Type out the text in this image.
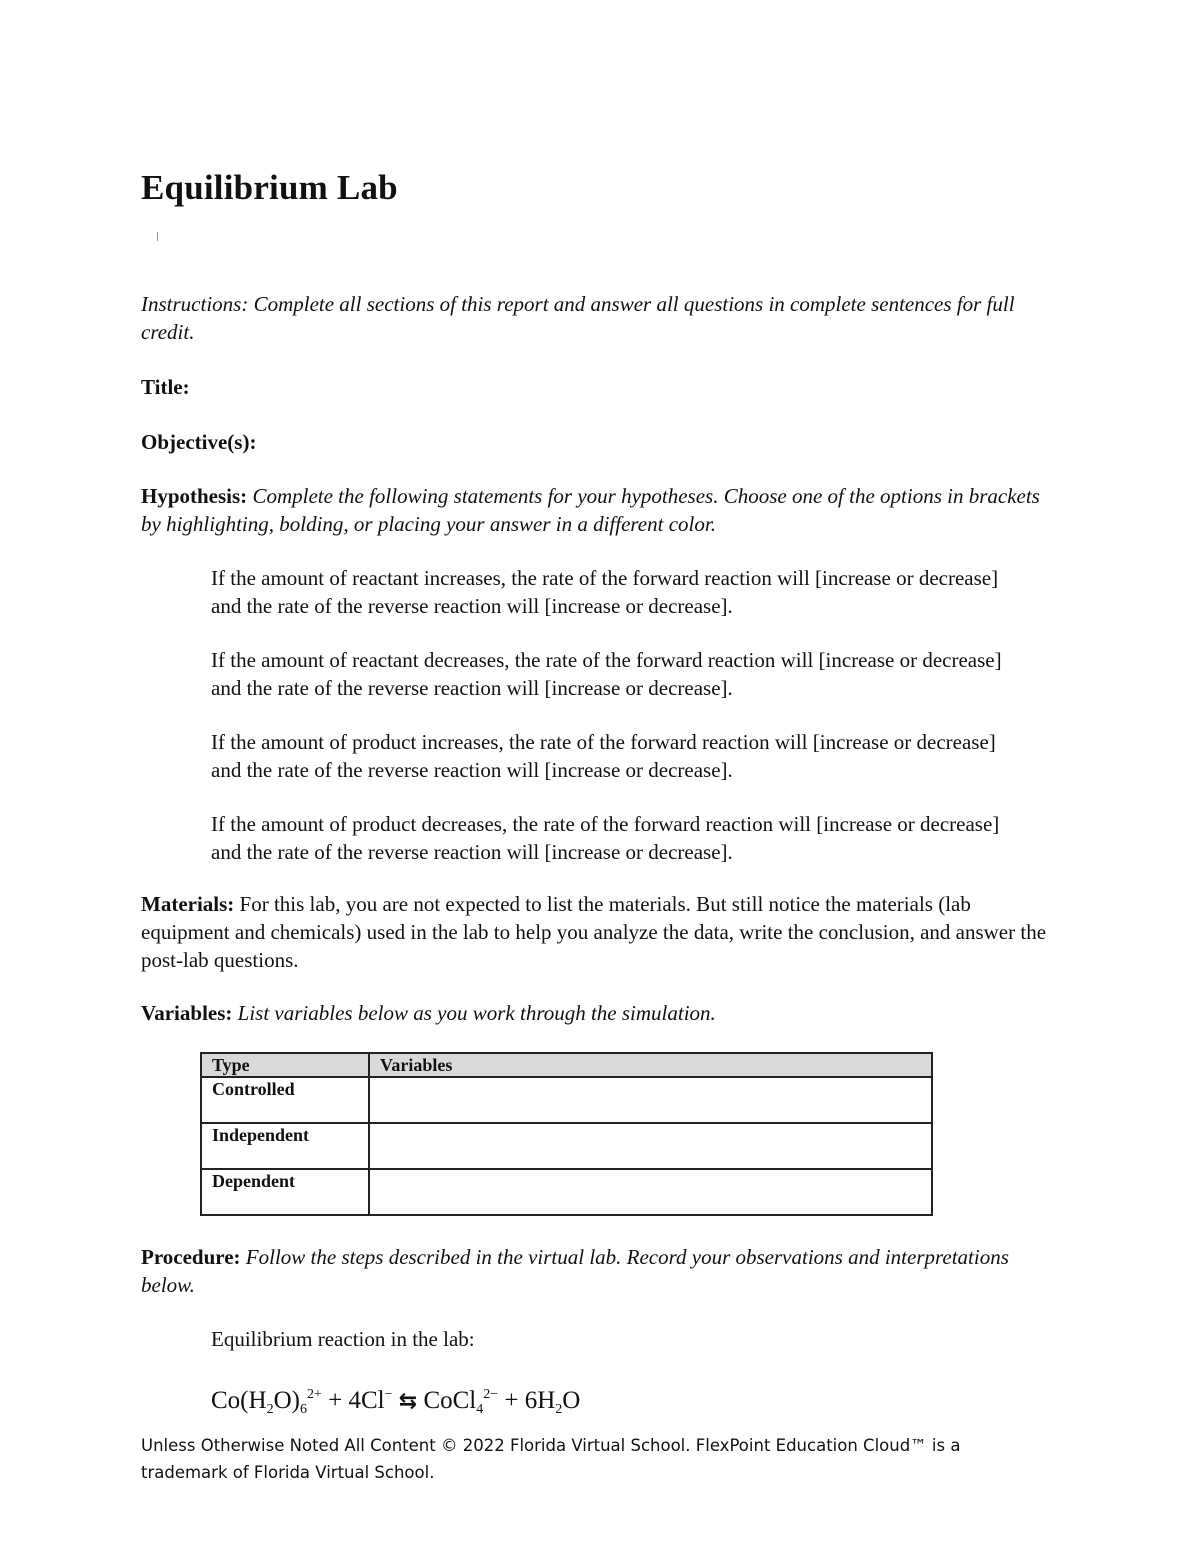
Equilibrium Lab

Instructions: Complete all sections of this report and answer all questions in complete sentences for full credit.

Title:

Objective(s):

Hypothesis: Complete the following statements for your hypotheses. Choose one of the options in brackets by highlighting, bolding, or placing your answer in a different color.

If the amount of reactant increases, the rate of the forward reaction will [increase or decrease] and the rate of the reverse reaction will [increase or decrease].

If the amount of reactant decreases, the rate of the forward reaction will [increase or decrease] and the rate of the reverse reaction will [increase or decrease].

If the amount of product increases, the rate of the forward reaction will [increase or decrease] and the rate of the reverse reaction will [increase or decrease].

If the amount of product decreases, the rate of the forward reaction will [increase or decrease] and the rate of the reverse reaction will [increase or decrease].

Materials: For this lab, you are not expected to list the materials. But still notice the materials (lab equipment and chemicals) used in the lab to help you analyze the data, write the conclusion, and answer the post-lab questions.

Variables: List variables below as you work through the simulation.

Type	Variables
Controlled	
Independent	
Dependent	

Procedure: Follow the steps described in the virtual lab. Record your observations and interpretations below.

Equilibrium reaction in the lab:

$Co(H_2O)_6^{2+} + 4Cl^-$ ⇆ CoCl$_4^{2-}$ + $6H_2O$

Unless Otherwise Noted All Content © 2022 Florida Virtual School. FlexPoint Education Cloud™ is a trademark of Florida Virtual School.
